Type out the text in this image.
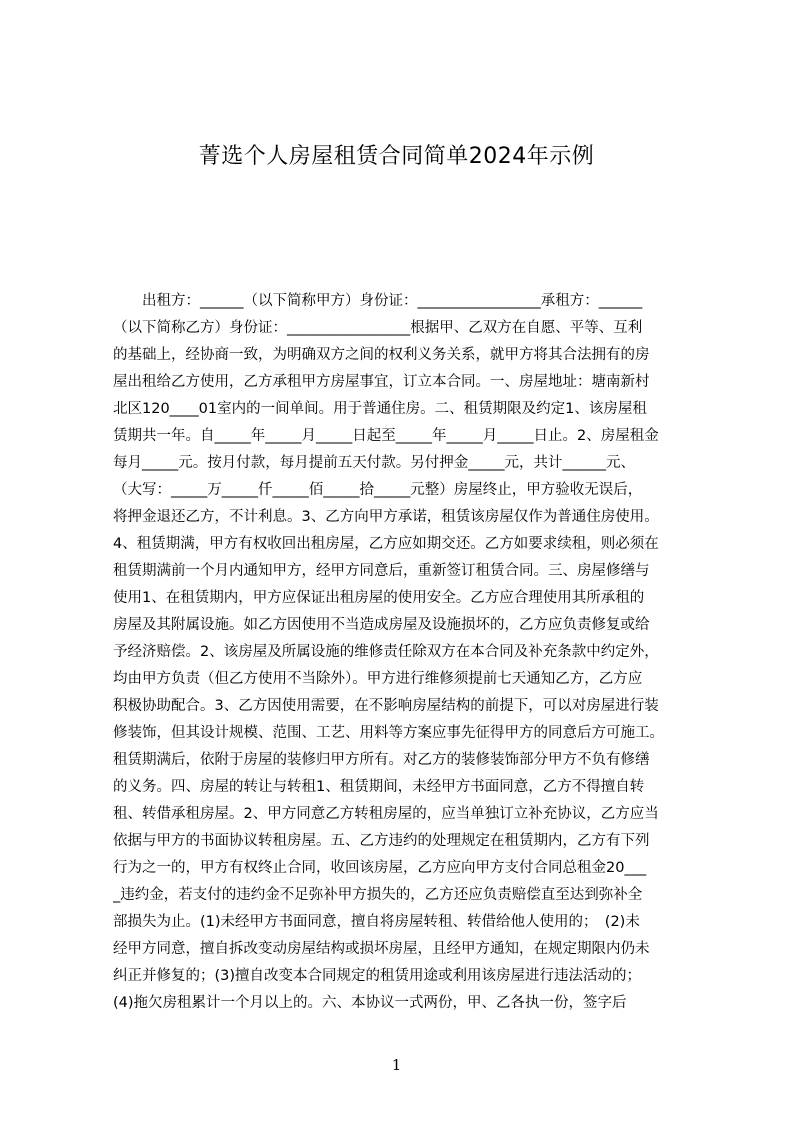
菁选个人房屋租赁合同简单2024年示例
　　出租方：______（以下简称甲方）身份证：_________________承租方：______
（以下简称乙方）身份证：_________________根据甲、乙双方在自愿、平等、互利
的基础上，经协商一致，为明确双方之间的权利义务关系，就甲方将其合法拥有的房
屋出租给乙方使用，乙方承租甲方房屋事宜，订立本合同。一、房屋地址：塘南新村
北区120____01室内的一间单间。用于普通住房。二、租赁期限及约定1、该房屋租
赁期共一年。自_____年_____月_____日起至_____年_____月_____日止。2、房屋租金
每月_____元。按月付款，每月提前五天付款。另付押金_____元，共计______元、
（大写：_____万_____仟_____佰_____拾_____元整）房屋终止，甲方验收无误后，
将押金退还乙方，不计利息。3、乙方向甲方承诺，租赁该房屋仅作为普通住房使用。
4、租赁期满，甲方有权收回出租房屋，乙方应如期交还。乙方如要求续租，则必须在
租赁期满前一个月内通知甲方，经甲方同意后，重新签订租赁合同。三、房屋修缮与
使用1、在租赁期内，甲方应保证出租房屋的使用安全。乙方应合理使用其所承租的
房屋及其附属设施。如乙方因使用不当造成房屋及设施损坏的，乙方应负责修复或给
予经济赔偿。2、该房屋及所属设施的维修责任除双方在本合同及补充条款中约定外，
均由甲方负责（但乙方使用不当除外）。甲方进行维修须提前七天通知乙方，乙方应
积极协助配合。3、乙方因使用需要，在不影响房屋结构的前提下，可以对房屋进行装
修装饰，但其设计规模、范围、工艺、用料等方案应事先征得甲方的同意后方可施工。
租赁期满后，依附于房屋的装修归甲方所有。对乙方的装修装饰部分甲方不负有修缮
的义务。四、房屋的转让与转租1、租赁期间，未经甲方书面同意，乙方不得擅自转
租、转借承租房屋。2、甲方同意乙方转租房屋的，应当单独订立补充协议，乙方应当
依据与甲方的书面协议转租房屋。五、乙方违约的处理规定在租赁期内，乙方有下列
行为之一的，甲方有权终止合同，收回该房屋，乙方应向甲方支付合同总租金20___
_违约金，若支付的违约金不足弥补甲方损失的，乙方还应负责赔偿直至达到弥补全
部损失为止。(1)未经甲方书面同意，擅自将房屋转租、转借给他人使用的；　(2)未
经甲方同意，擅自拆改变动房屋结构或损坏房屋，且经甲方通知，在规定期限内仍未
纠正并修复的；(3)擅自改变本合同规定的租赁用途或利用该房屋进行违法活动的；
(4)拖欠房租累计一个月以上的。六、本协议一式两份，甲、乙各执一份，签字后
1
